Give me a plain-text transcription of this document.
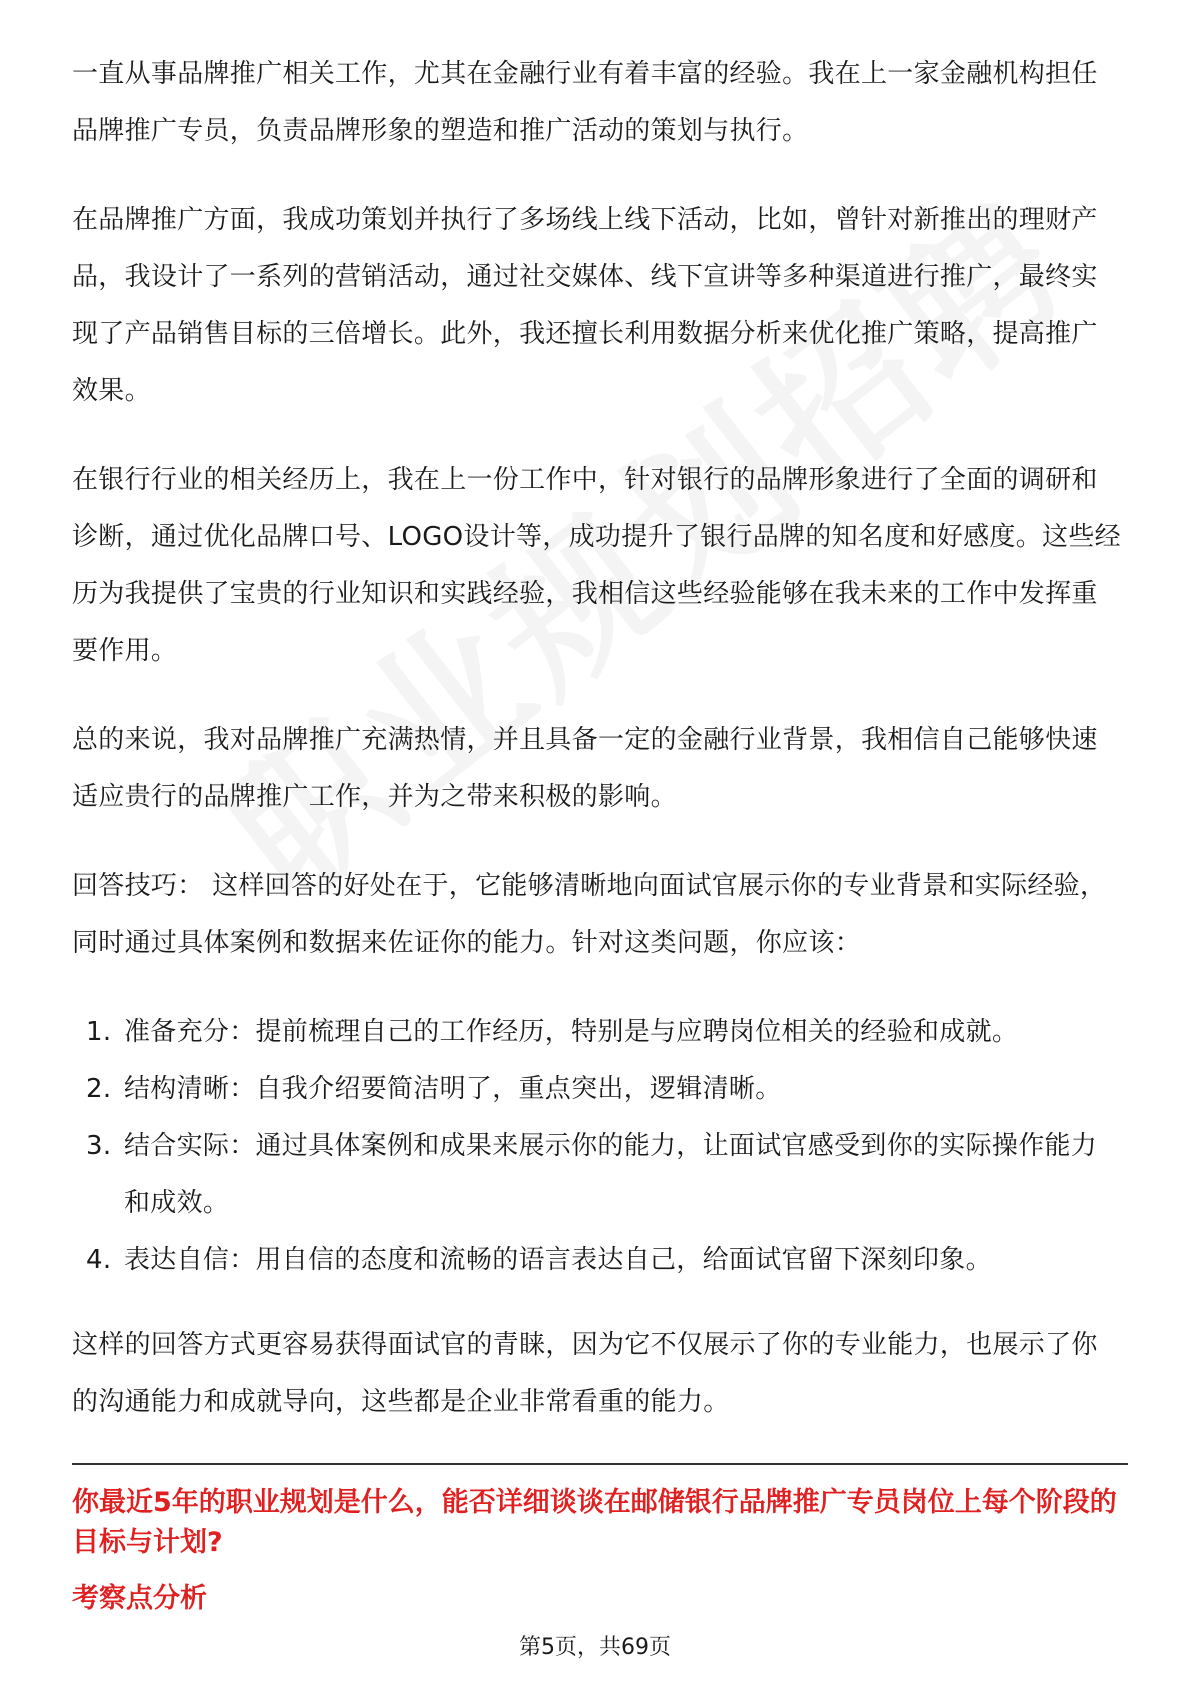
一直从事品牌推广相关工作，尤其在金融行业有着丰富的经验。我在上一家金融机构担任品牌推广专员，负责品牌形象的塑造和推广活动的策划与执行。

在品牌推广方面，我成功策划并执行了多场线上线下活动，比如，曾针对新推出的理财产品，我设计了一系列的营销活动，通过社交媒体、线下宣讲等多种渠道进行推广，最终实现了产品销售目标的三倍增长。此外，我还擅长利用数据分析来优化推广策略，提高推广效果。

在银行行业的相关经历上，我在上一份工作中，针对银行的品牌形象进行了全面的调研和诊断，通过优化品牌口号、LOGO设计等，成功提升了银行品牌的知名度和好感度。这些经历为我提供了宝贵的行业知识和实践经验，我相信这些经验能够在我未来的工作中发挥重要作用。

总的来说，我对品牌推广充满热情，并且具备一定的金融行业背景，我相信自己能够快速适应贵行的品牌推广工作，并为之带来积极的影响。

回答技巧： 这样回答的好处在于，它能够清晰地向面试官展示你的专业背景和实际经验，同时通过具体案例和数据来佐证你的能力。针对这类问题，你应该：

1. 准备充分：提前梳理自己的工作经历，特别是与应聘岗位相关的经验和成就。
2. 结构清晰：自我介绍要简洁明了，重点突出，逻辑清晰。
3. 结合实际：通过具体案例和成果来展示你的能力，让面试官感受到你的实际操作能力和成效。
4. 表达自信：用自信的态度和流畅的语言表达自己，给面试官留下深刻印象。

这样的回答方式更容易获得面试官的青睐，因为它不仅展示了你的专业能力，也展示了你的沟通能力和成就导向，这些都是企业非常看重的能力。

你最近5年的职业规划是什么，能否详细谈谈在邮储银行品牌推广专员岗位上每个阶段的目标与计划?

考察点分析

第5页，共69页
